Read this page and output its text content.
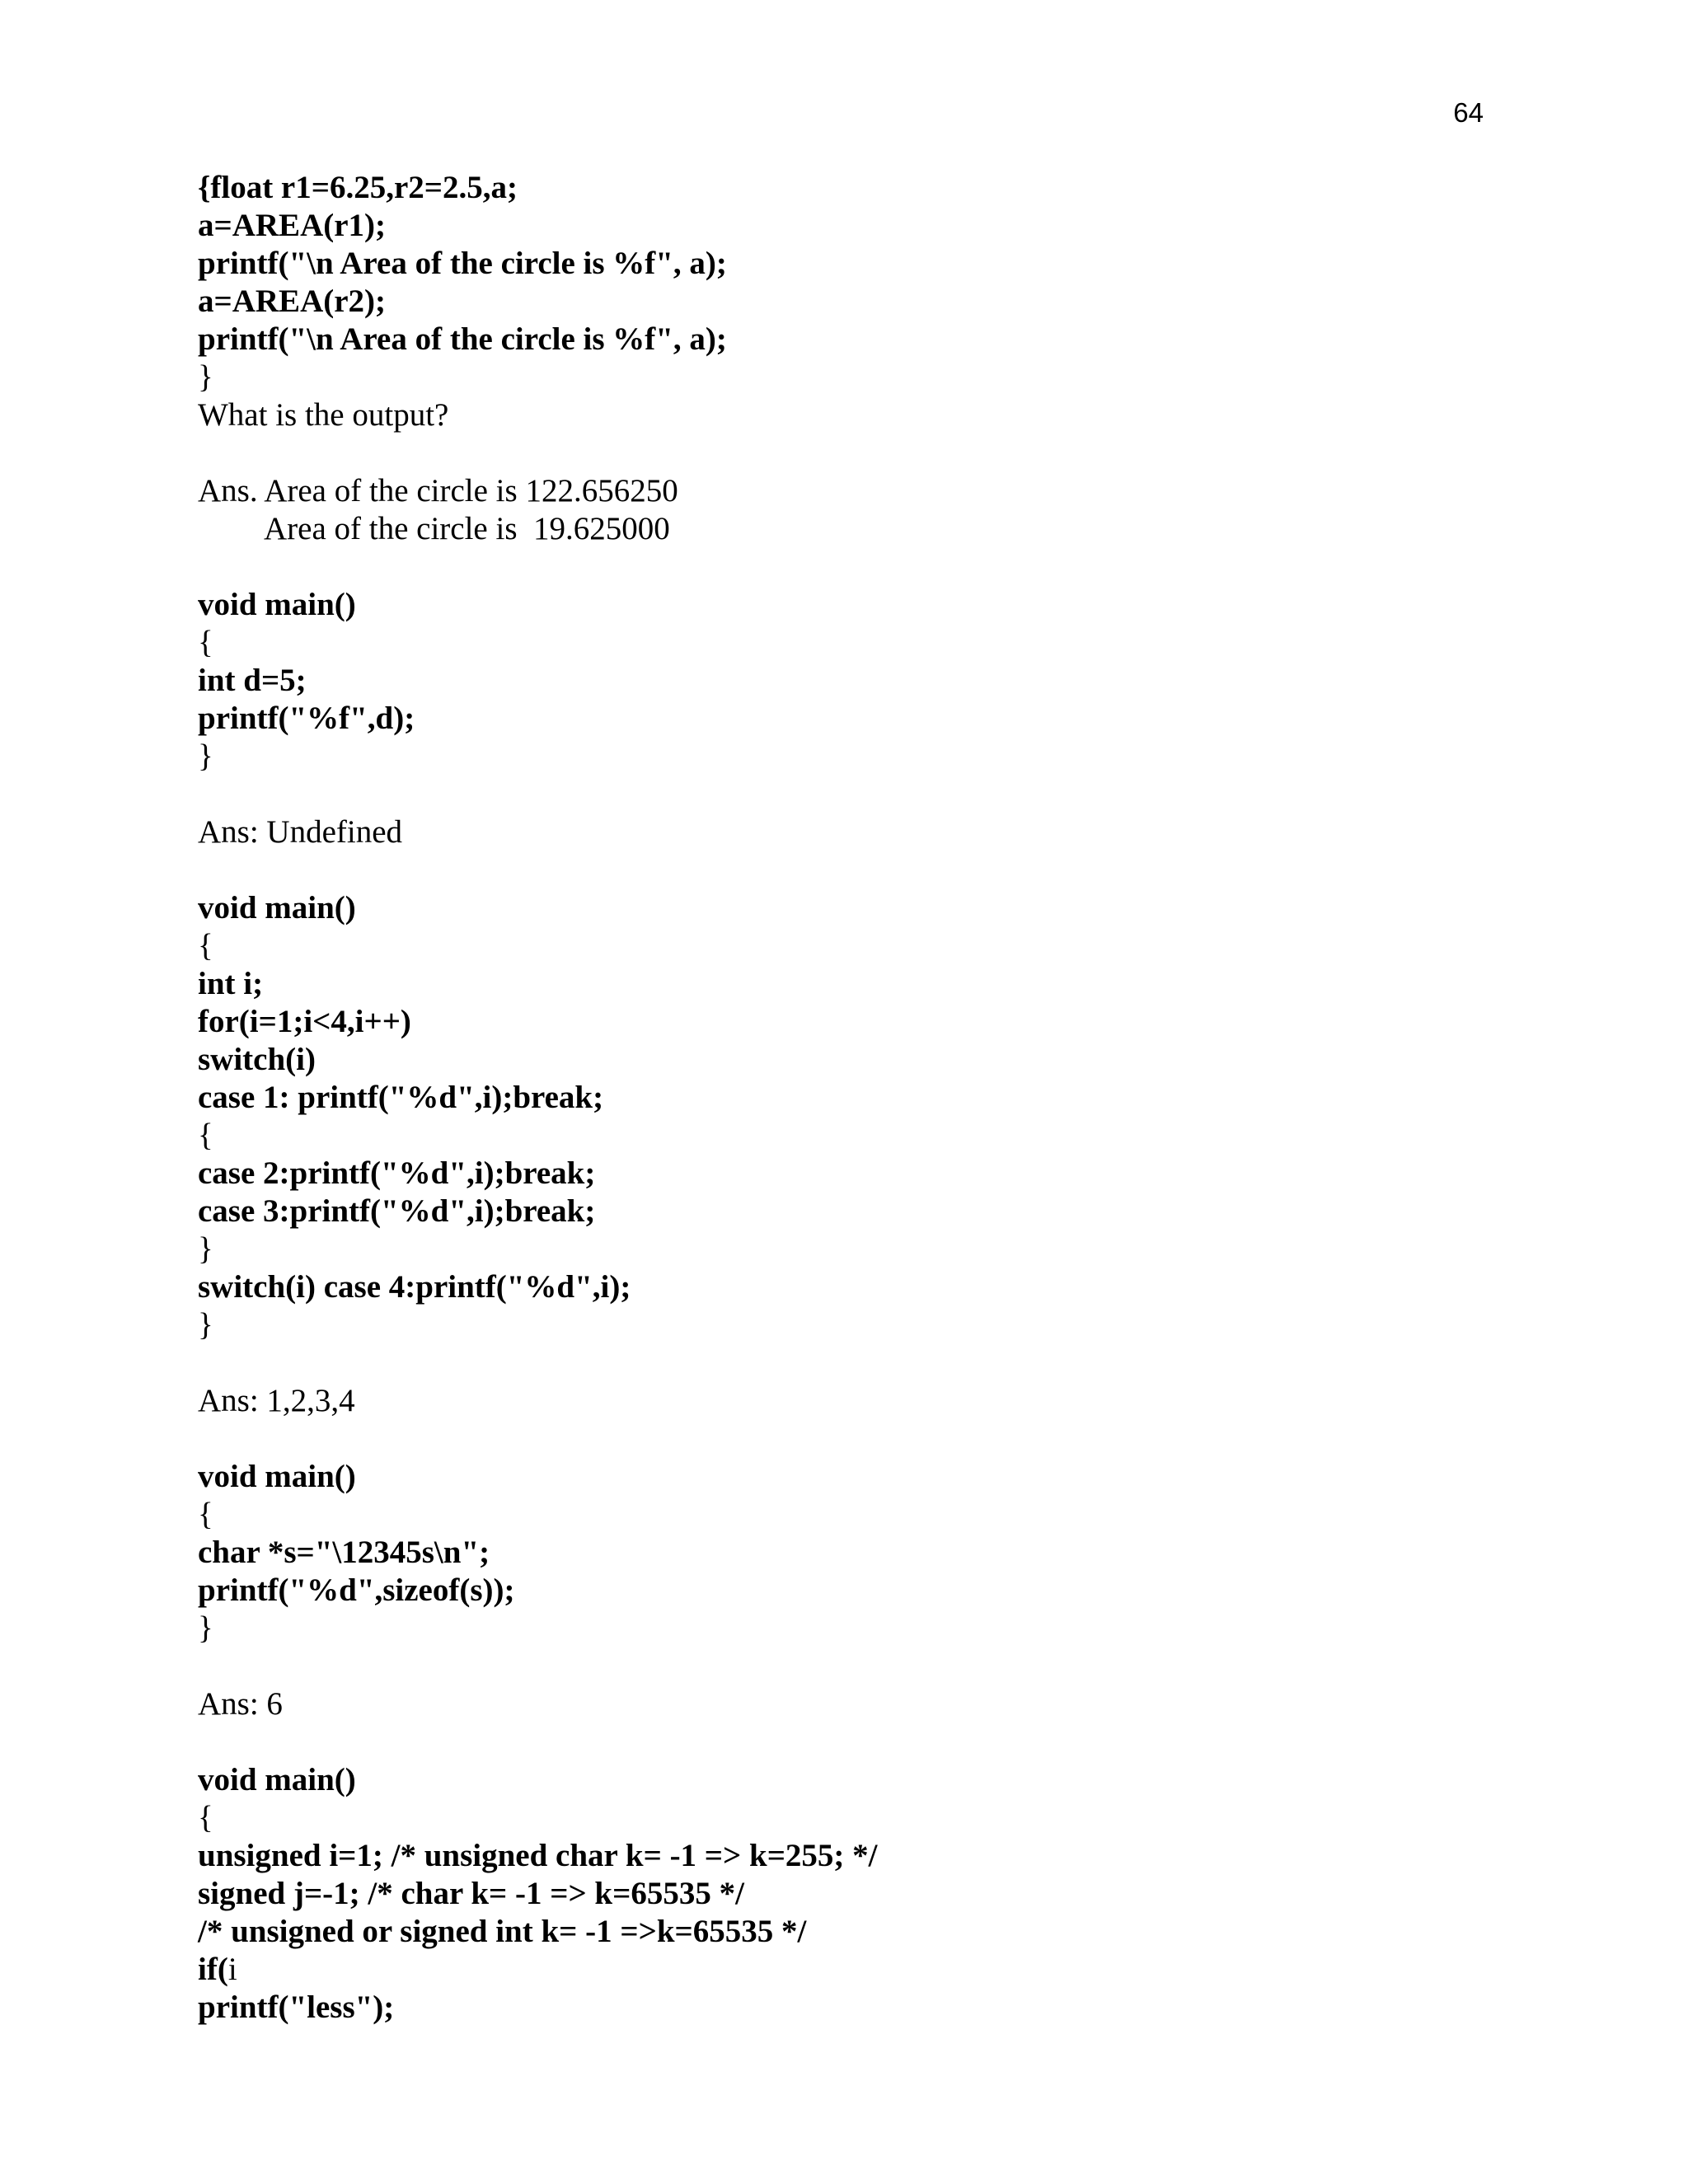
64
{float r1=6.25,r2=2.5,a;
a=AREA(r1);
printf("\n Area of the circle is %f", a);
a=AREA(r2);
printf("\n Area of the circle is %f", a);
}
What is the output?
Ans. Area of the circle is 122.656250
Area of the circle is  19.625000
void main()
{
int d=5;
printf("%f",d);
}
Ans: Undefined
void main()
{
int i;
for(i=1;i<4,i++)
switch(i)
case 1: printf("%d",i);break;
{
case 2:printf("%d",i);break;
case 3:printf("%d",i);break;
}
switch(i) case 4:printf("%d",i);
}
Ans: 1,2,3,4
void main()
{
char *s="\12345s\n";
printf("%d",sizeof(s));
}
Ans: 6
void main()
{
unsigned i=1; /* unsigned char k= -1 => k=255; */
signed j=-1; /* char k= -1 => k=65535 */
/* unsigned or signed int k= -1 =>k=65535 */
if(i
printf("less");
